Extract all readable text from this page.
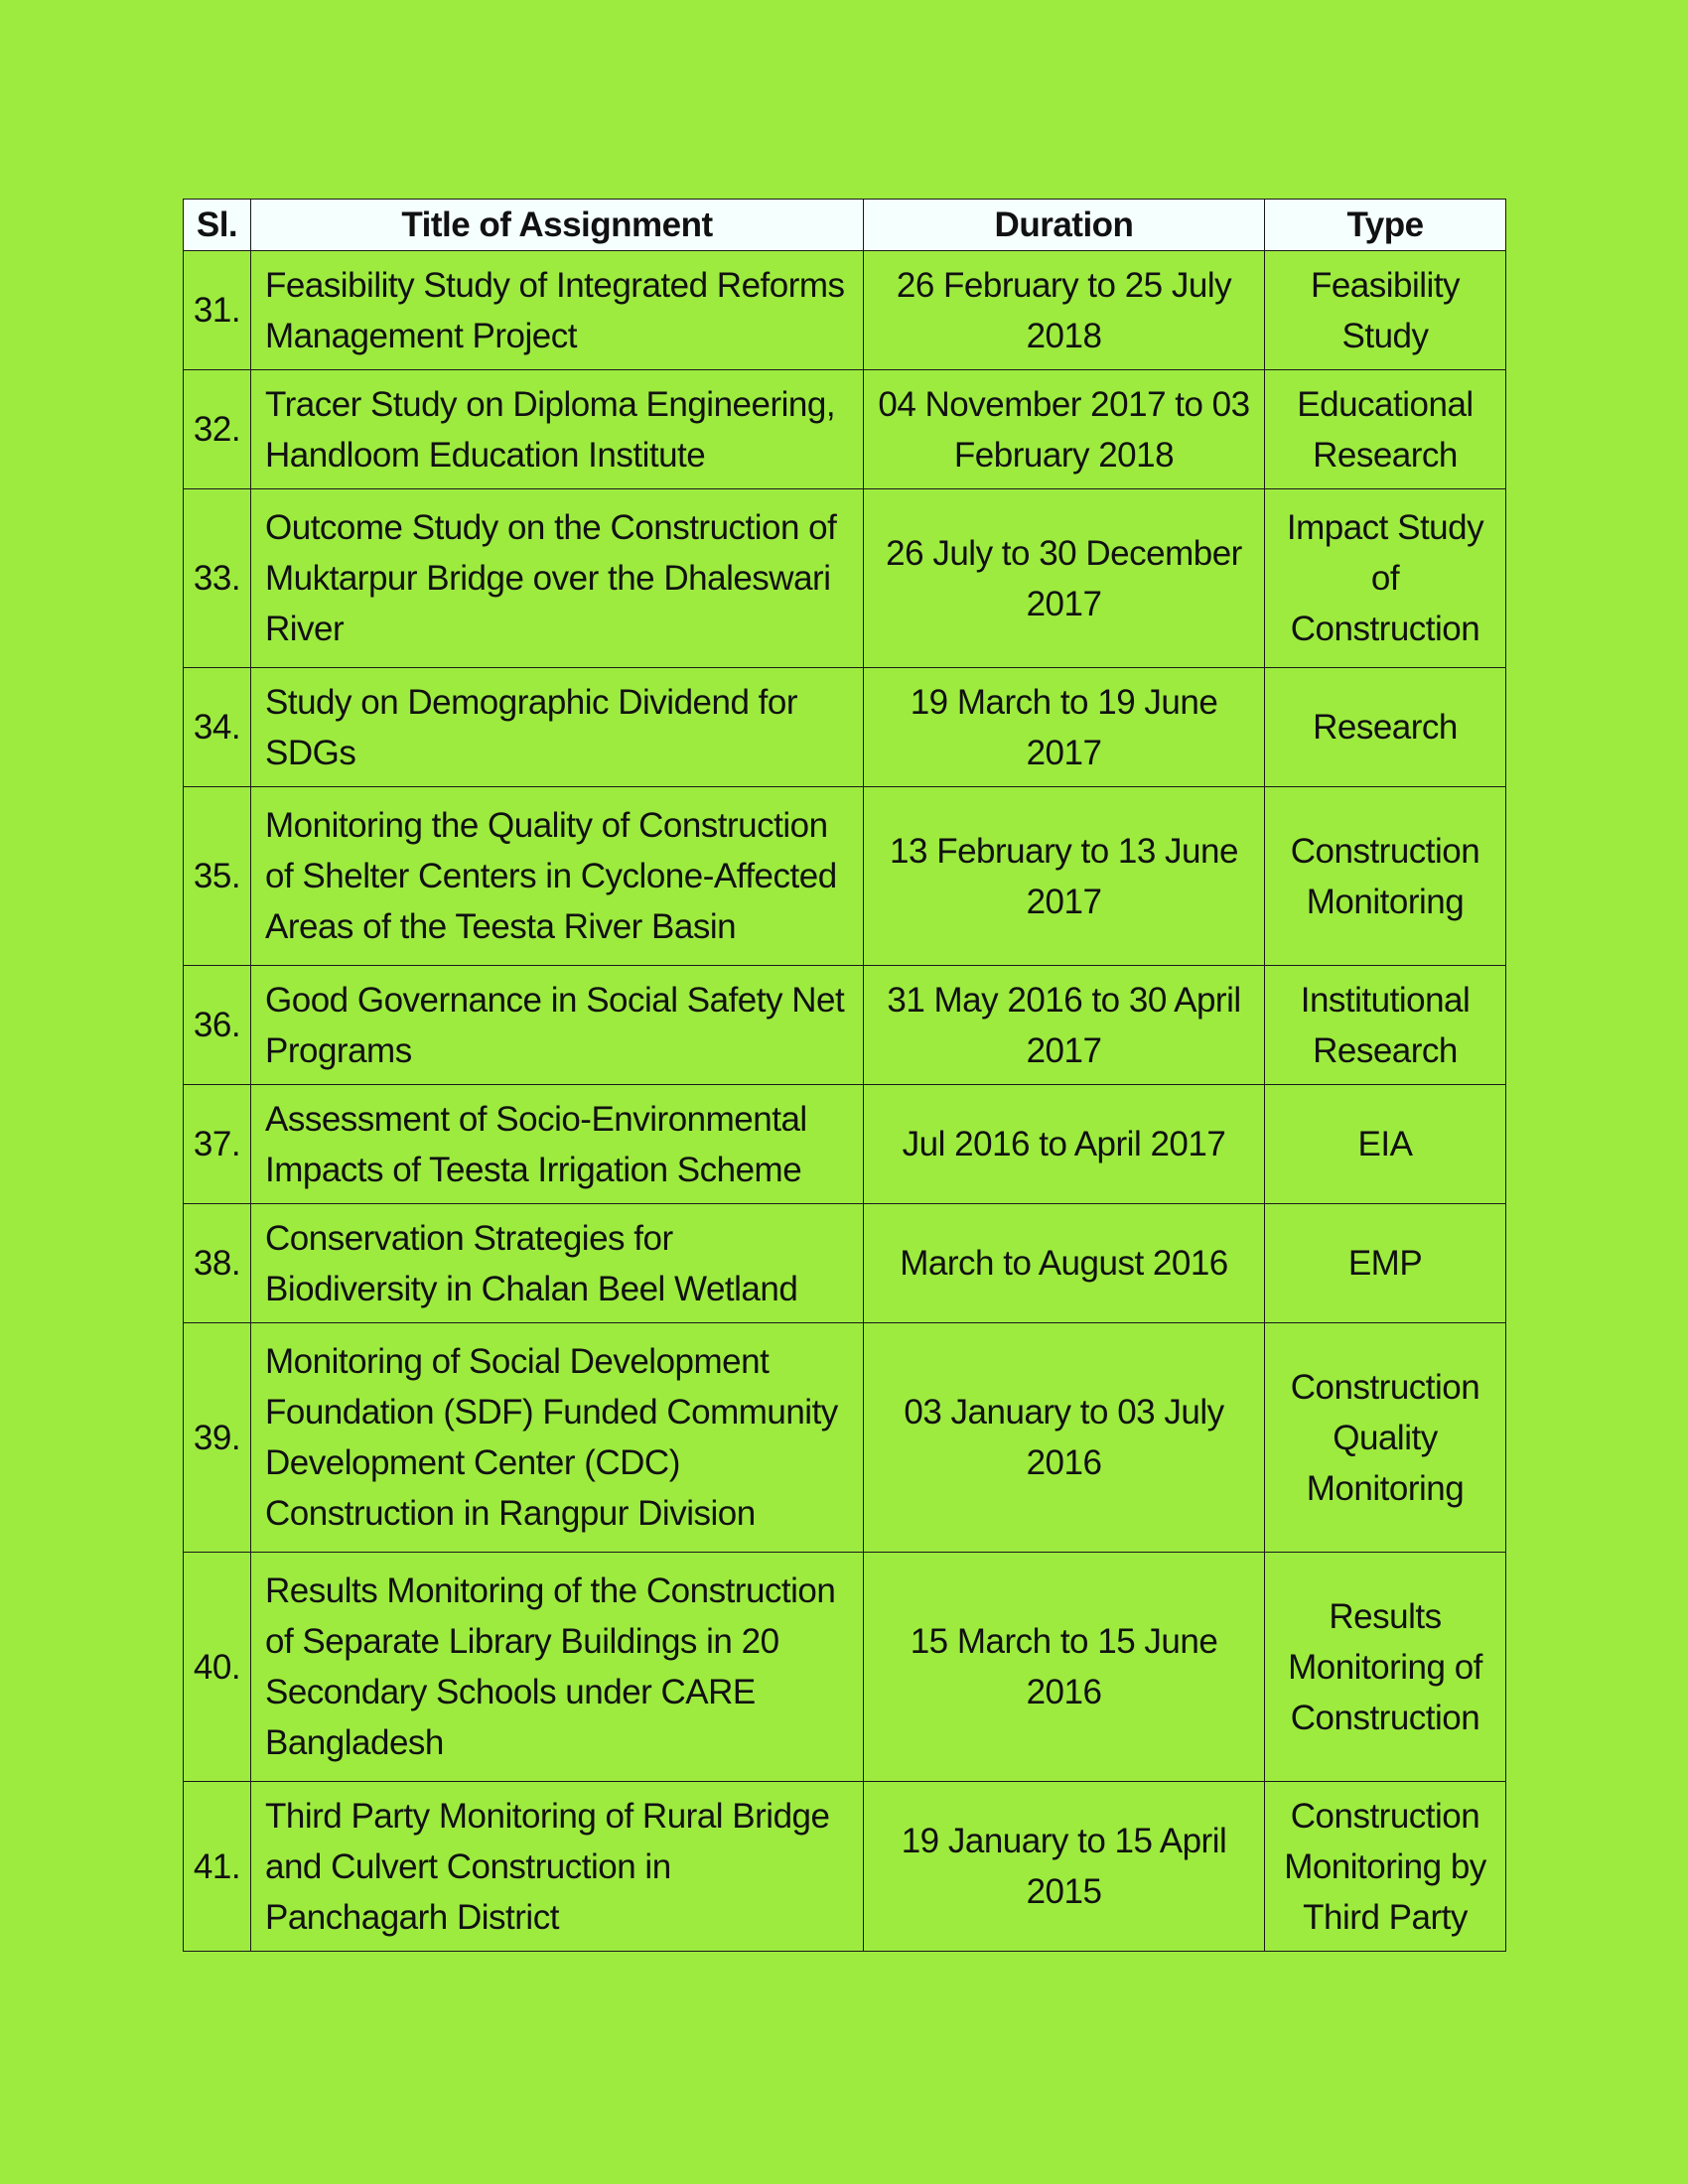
Sl.	Title of Assignment	Duration	Type
31.	Feasibility Study of Integrated Reforms Management Project	26 February to 25 July 2018	Feasibility Study
32.	Tracer Study on Diploma Engineering, Handloom Education Institute	04 November 2017 to 03 February 2018	Educational Research
33.	Outcome Study on the Construction of Muktarpur Bridge over the Dhaleswari River	26 July to 30 December 2017	Impact Study of Construction
34.	Study on Demographic Dividend for SDGs	19 March to 19 June 2017	Research
35.	Monitoring the Quality of Construction of Shelter Centers in Cyclone-Affected Areas of the Teesta River Basin	13 February to 13 June 2017	Construction Monitoring
36.	Good Governance in Social Safety Net Programs	31 May 2016 to 30 April 2017	Institutional Research
37.	Assessment of Socio-Environmental Impacts of Teesta Irrigation Scheme	Jul 2016 to April 2017	EIA
38.	Conservation Strategies for Biodiversity in Chalan Beel Wetland	March to August 2016	EMP
39.	Monitoring of Social Development Foundation (SDF) Funded Community Development Center (CDC) Construction in Rangpur Division	03 January to 03 July 2016	Construction Quality Monitoring
40.	Results Monitoring of the Construction of Separate Library Buildings in 20 Secondary Schools under CARE Bangladesh	15 March to 15 June 2016	Results Monitoring of Construction
41.	Third Party Monitoring of Rural Bridge and Culvert Construction in Panchagarh District	19 January to 15 April 2015	Construction Monitoring by Third Party
